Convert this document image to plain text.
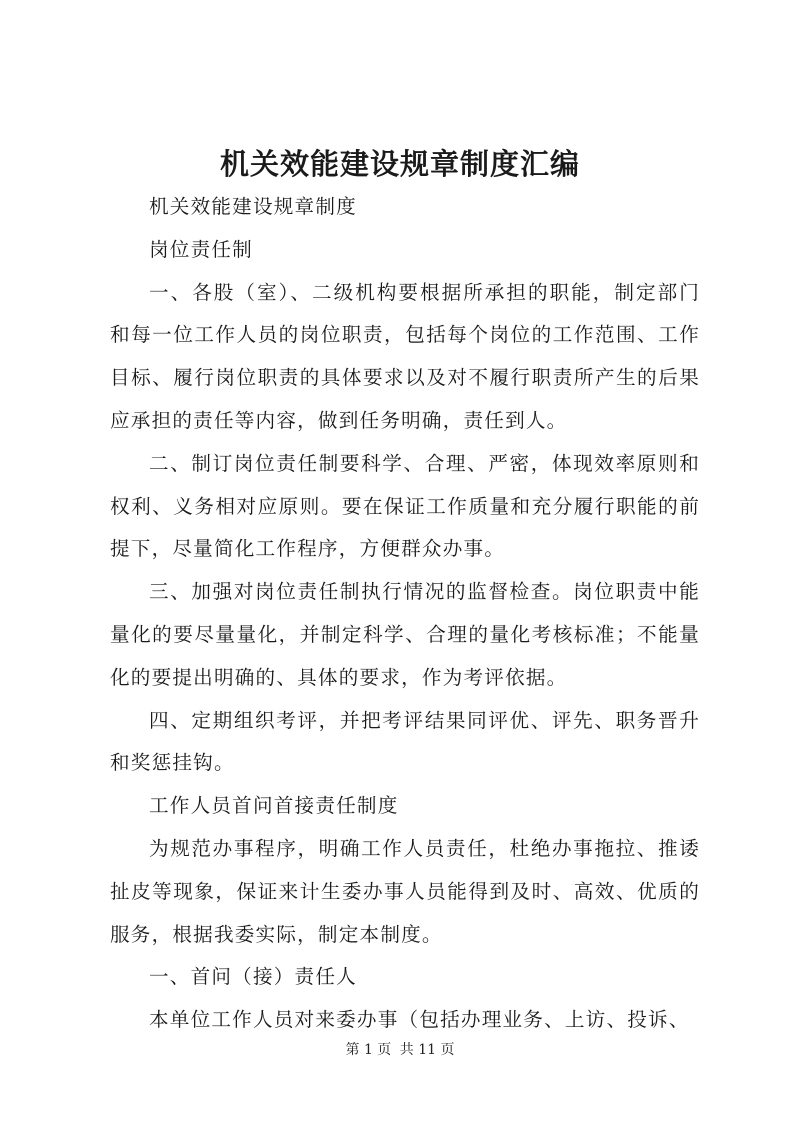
机关效能建设规章制度汇编

机关效能建设规章制度

岗位责任制

一、各股（室）、二级机构要根据所承担的职能，制定部门和每一位工作人员的岗位职责，包括每个岗位的工作范围、工作目标、履行岗位职责的具体要求以及对不履行职责所产生的后果应承担的责任等内容，做到任务明确，责任到人。

二、制订岗位责任制要科学、合理、严密，体现效率原则和权利、义务相对应原则。要在保证工作质量和充分履行职能的前提下，尽量简化工作程序，方便群众办事。

三、加强对岗位责任制执行情况的监督检查。岗位职责中能量化的要尽量量化，并制定科学、合理的量化考核标准；不能量化的要提出明确的、具体的要求，作为考评依据。

四、定期组织考评，并把考评结果同评优、评先、职务晋升和奖惩挂钩。

工作人员首问首接责任制度

为规范办事程序，明确工作人员责任，杜绝办事拖拉、推诿扯皮等现象，保证来计生委办事人员能得到及时、高效、优质的服务，根据我委实际，制定本制度。

一、首问（接）责任人

本单位工作人员对来委办事（包括办理业务、上访、投诉、

第 1 页 共 11 页
